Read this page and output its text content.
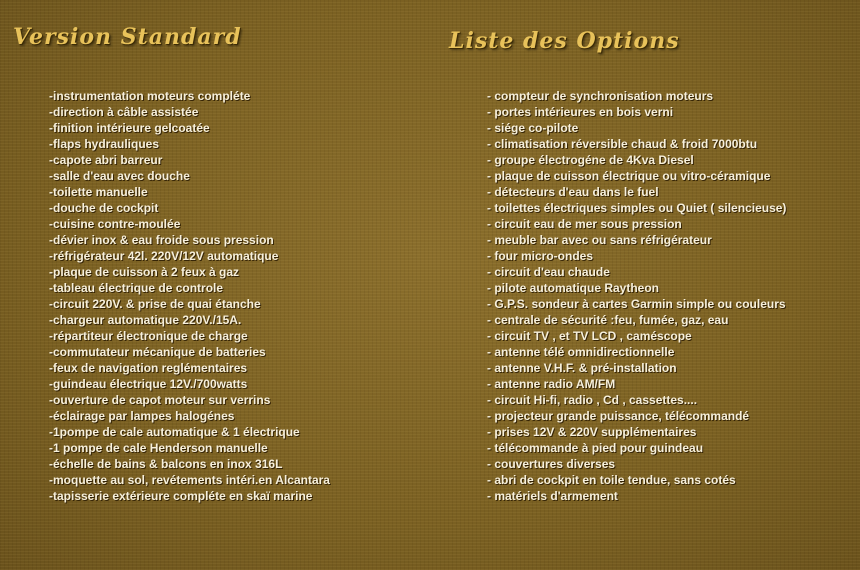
Version Standard	Liste des Options
-instrumentation moteurs compléte
-direction à câble assistée
-finition intérieure gelcoatée
-flaps hydrauliques
-capote abri barreur
-salle d'eau avec douche
-toilette manuelle
-douche de cockpit
-cuisine contre-moulée
-dévier inox & eau froide sous pression
-réfrigérateur 42l. 220V/12V automatique
-plaque de cuisson à 2 feux à gaz
-tableau électrique de controle
-circuit 220V. & prise de quai étanche
-chargeur automatique 220V./15A.
-répartiteur électronique de charge
-commutateur mécanique de batteries
-feux de navigation reglémentaires
-guindeau électrique 12V./700watts
-ouverture de capot moteur sur verrins
-éclairage par lampes halogénes
-1pompe de cale automatique & 1 électrique
-1 pompe de cale Henderson manuelle
-échelle de bains & balcons en inox 316L
-moquette au sol, revétements intéri.en Alcantara
-tapisserie extérieure compléte en skaï marine
- compteur de synchronisation moteurs
- portes intérieures en bois verni
- siége co-pilote
- climatisation réversible chaud & froid 7000btu
- groupe électrogéne de 4Kva Diesel
- plaque de cuisson électrique ou vitro-céramique
- détecteurs d'eau dans le fuel
- toilettes électriques simples ou Quiet ( silencieuse)
- circuit eau de mer sous pression
- meuble bar avec ou sans réfrigérateur
- four micro-ondes
- circuit d'eau chaude
- pilote automatique Raytheon
- G.P.S. sondeur à cartes Garmin simple ou couleurs
- centrale de sécurité :feu, fumée, gaz, eau
- circuit TV , et TV LCD , caméscope
- antenne télé omnidirectionnelle
- antenne V.H.F. & pré-installation
- antenne radio AM/FM
- circuit Hi-fi, radio , Cd , cassettes....
- projecteur grande puissance, télécommandé
- prises 12V & 220V supplémentaires
- télécommande à pied pour guindeau
- couvertures diverses
- abri de cockpit en toile tendue, sans cotés
- matériels d'armement
